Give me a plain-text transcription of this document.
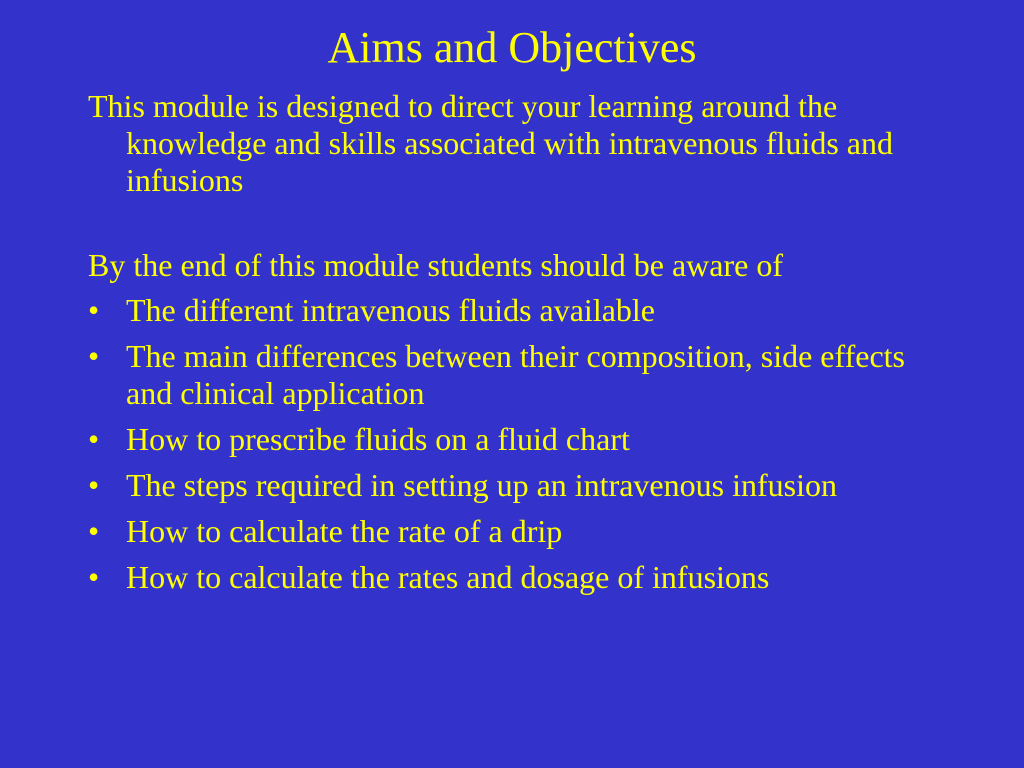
Aims and Objectives

This module is designed to direct your learning around the knowledge and skills associated with intravenous fluids and infusions

By the end of this module students should be aware of

• The different intravenous fluids available
• The main differences between their composition, side effects and clinical application
• How to prescribe fluids on a fluid chart
• The steps required in setting up an intravenous infusion
• How to calculate the rate of a drip
• How to calculate the rates and dosage of infusions
